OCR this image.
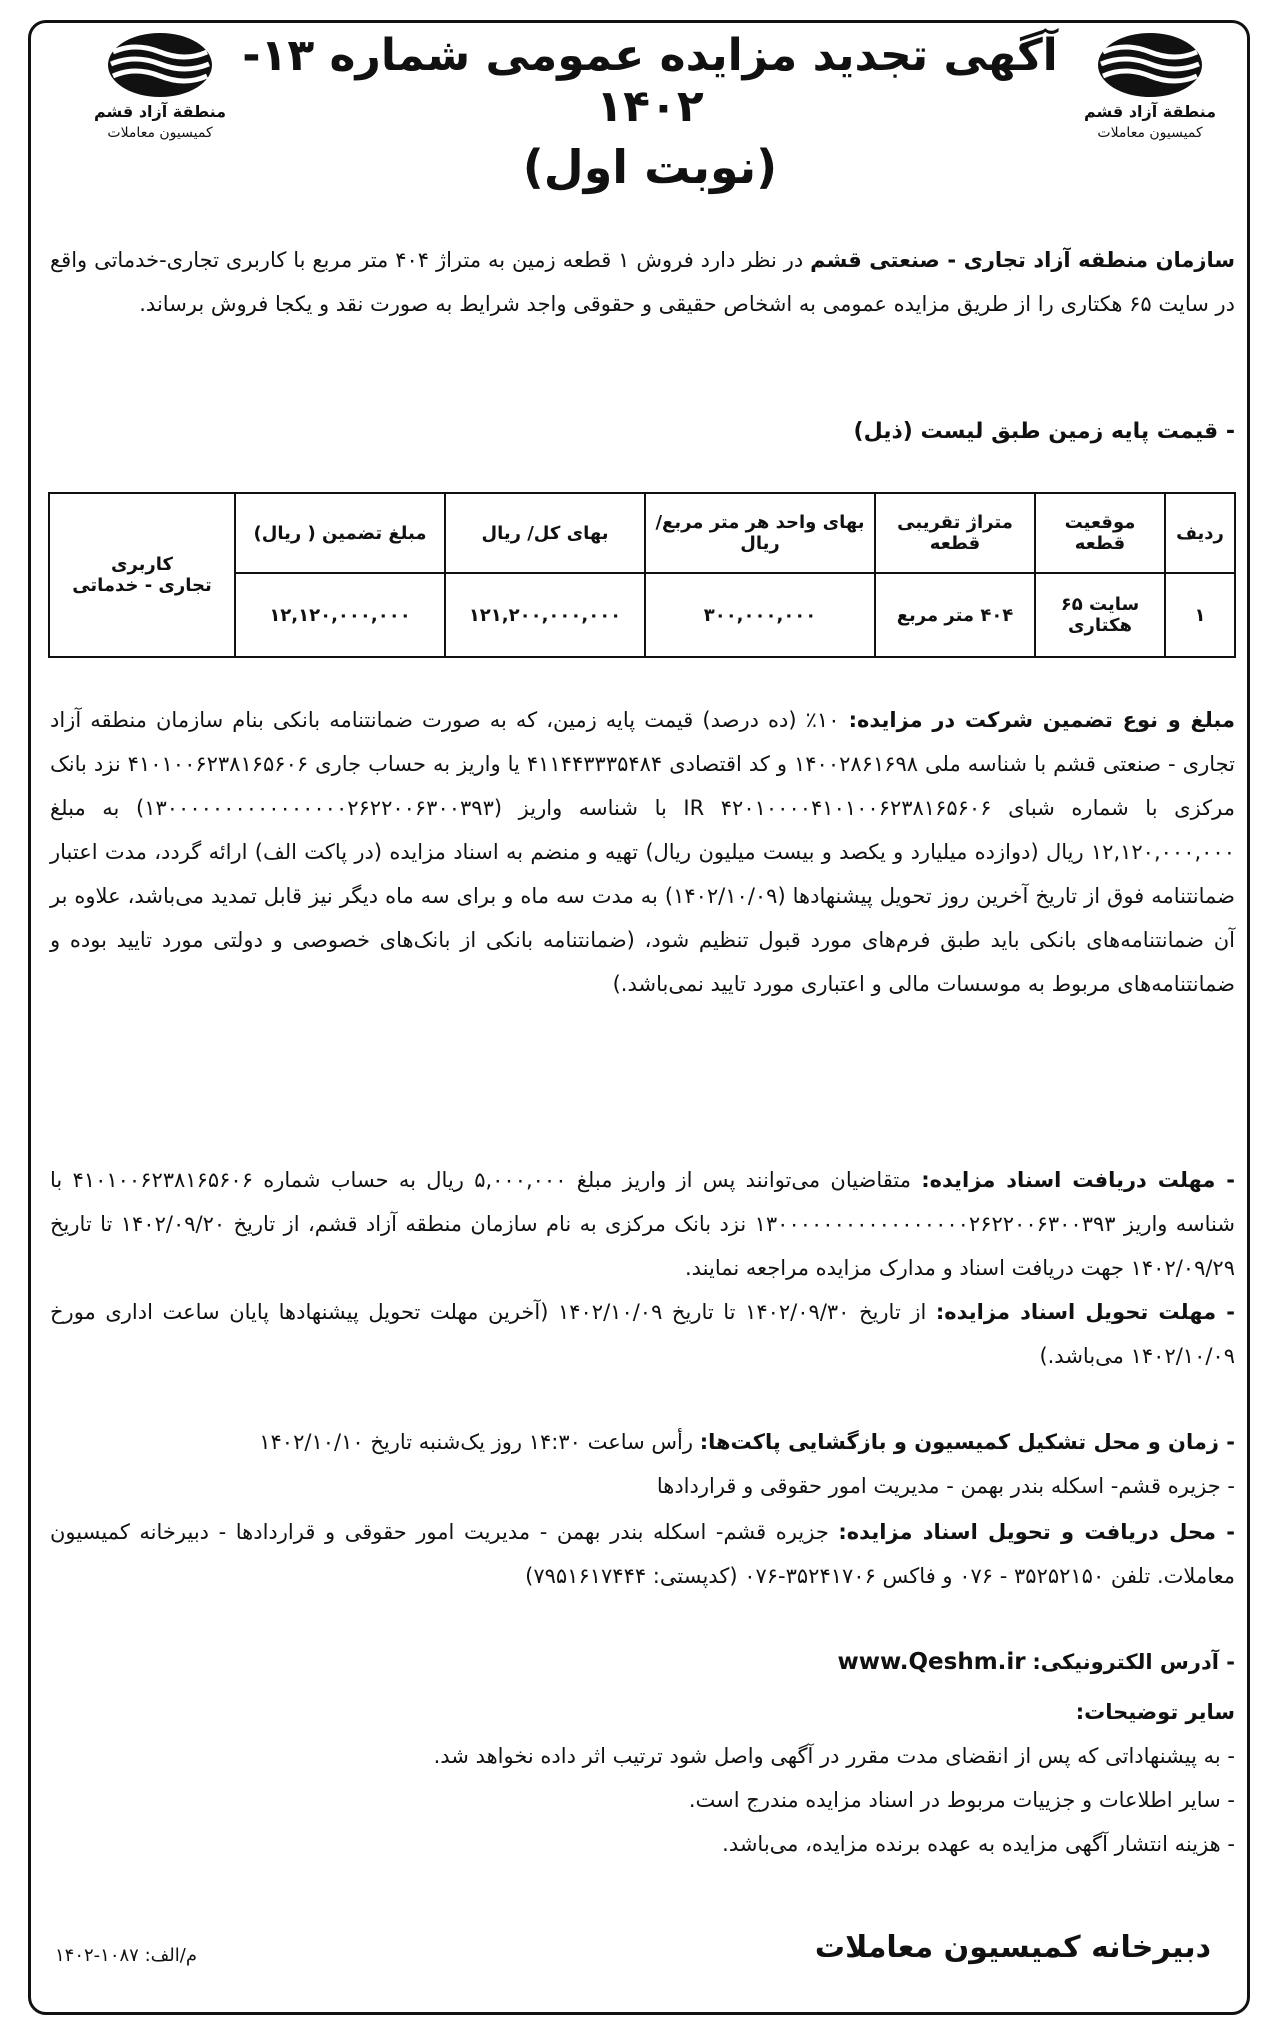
منطقة آزاد قشم
کمیسیون معاملات
منطقة آزاد قشم
کمیسیون معاملات
آگهی تجدید مزایده عمومی شماره ۱۳- ۱۴۰۲
(نوبت اول)
سازمان منطقه آزاد تجاری - صنعتی قشم در نظر دارد فروش ۱ قطعه زمین به متراژ ۴۰۴ متر مربع با کاربری تجاری-خدماتی واقع در سایت ۶۵ هکتاری را از طریق مزایده عمومی به اشخاص حقیقی و حقوقی واجد شرایط به صورت نقد و یکجا فروش برساند.
- قیمت پایه زمین طبق لیست (ذیل)
ردیف	موقعیت قطعه	متراژ تقریبی قطعه	بهای واحد هر متر مربع/ ریال	بهای کل/ ریال	مبلغ تضمین ( ریال)	کاربری
تجاری - خدماتی
۱	سایت ۶۵ هکتاری	۴۰۴ متر مربع	۳۰۰,۰۰۰,۰۰۰	۱۲۱,۲۰۰,۰۰۰,۰۰۰	۱۲,۱۲۰,۰۰۰,۰۰۰	
مبلغ و نوع تضمین شرکت در مزایده: ۱۰٪ (ده درصد) قیمت پایه زمین، که به صورت ضمانتنامه بانکی بنام سازمان منطقه آزاد تجاری - صنعتی قشم با شناسه ملی ۱۴۰۰۲۸۶۱۶۹۸ و کد اقتصادی ۴۱۱۴۴۳۳۳۵۴۸۴ یا واریز به حساب جاری ۴۱۰۱۰۰۶۲۳۸۱۶۵۶۰۶ نزد بانک مرکزی با شماره شبای IR ۴۲۰۱۰۰۰۰۴۱۰۱۰۰۶۲۳۸۱۶۵۶۰۶ با شناسه واریز (۱۳۰۰۰۰۰۰۰۰۰۰۰۰۰۰۰۰۲۶۲۲۰۰۶۳۰۰۳۹۳) به مبلغ ۱۲,۱۲۰,۰۰۰,۰۰۰ ریال (دوازده میلیارد و یکصد و بیست میلیون ریال) تهیه و منضم به اسناد مزایده (در پاکت الف) ارائه گردد، مدت اعتبار ضمانتنامه فوق از تاریخ آخرین روز تحویل پیشنهادها (۱۴۰۲/۱۰/۰۹) به مدت سه ماه و برای سه ماه دیگر نیز قابل تمدید می‌باشد، علاوه بر آن ضمانتنامه‌های بانکی باید طبق فرم‌های مورد قبول تنظیم شود، (ضمانتنامه بانکی از بانک‌های خصوصی و دولتی مورد تایید بوده و ضمانتنامه‌های مربوط به موسسات مالی و اعتباری مورد تایید نمی‌باشد.)
- مهلت دریافت اسناد مزایده: متقاضیان می‌توانند پس از واریز مبلغ ۵,۰۰۰,۰۰۰ ریال به حساب شماره ۴۱۰۱۰۰۶۲۳۸۱۶۵۶۰۶ با شناسه واریز ۱۳۰۰۰۰۰۰۰۰۰۰۰۰۰۰۰۰۰۲۶۲۲۰۰۶۳۰۰۳۹۳ نزد بانک مرکزی به نام سازمان منطقه آزاد قشم، از تاریخ ۱۴۰۲/۰۹/۲۰ تا تاریخ ۱۴۰۲/۰۹/۲۹ جهت دریافت اسناد و مدارک مزایده مراجعه نمایند.
- مهلت تحویل اسناد مزایده: از تاریخ ۱۴۰۲/۰۹/۳۰ تا تاریخ ۱۴۰۲/۱۰/۰۹ (آخرین مهلت تحویل پیشنهادها پایان ساعت اداری مورخ ۱۴۰۲/۱۰/۰۹ می‌باشد.)
- زمان و محل تشکیل کمیسیون و بازگشایی پاکت‌ها: رأس ساعت ۱۴:۳۰ روز یک‌شنبه تاریخ ۱۴۰۲/۱۰/۱۰
- جزیره قشم- اسکله بندر بهمن - مدیریت امور حقوقی و قراردادها
- محل دریافت و تحویل اسناد مزایده: جزیره قشم- اسکله بندر بهمن - مدیریت امور حقوقی و قراردادها - دبیرخانه کمیسیون معاملات. تلفن ۳۵۲۵۲۱۵۰ - ۰۷۶ و فاکس ۳۵۲۴۱۷۰۶-۰۷۶ (کدپستی: ۷۹۵۱۶۱۷۴۴۴)
- آدرس الکترونیکی: www.Qeshm.ir
سایر توضیحات:
- به پیشنهاداتی که پس از انقضای مدت مقرر در آگهی واصل شود ترتیب اثر داده نخواهد شد.
- سایر اطلاعات و جزییات مربوط در اسناد مزایده مندرج است.
- هزینه انتشار آگهی مزایده به عهده برنده مزایده، می‌باشد.
دبیرخانه کمیسیون معاملات
م/الف: ۱۰۸۷-۱۴۰۲
